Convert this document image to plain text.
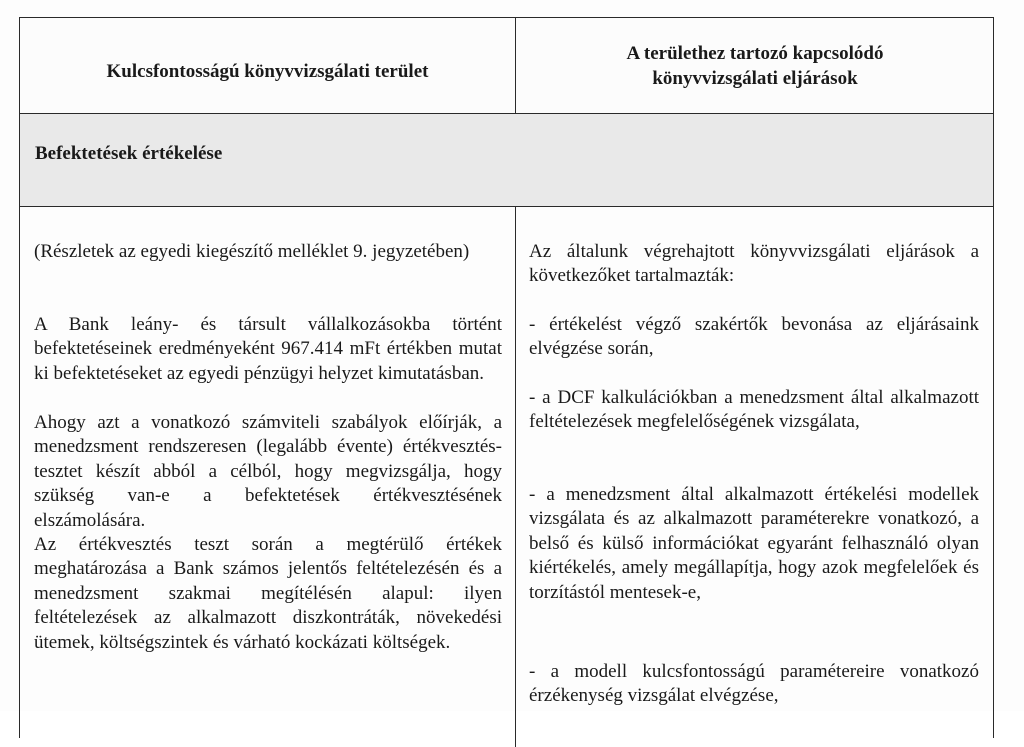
Kulcsfontosságú könyvvizsgálati terület
A területhez tartozó kapcsolódó
könyvvizsgálati eljárások
Befektetések értékelése
(Részletek az egyedi kiegészítő melléklet 9. jegyzetében)
A Bank leány- és társult vállalkozásokba történt befektetéseinek eredményeként 967.414 mFt értékben mutat ki befektetéseket az egyedi pénzügyi helyzet kimutatásban.
Ahogy azt a vonatkozó számviteli szabályok előírják, a menedzsment rendszeresen (legalább évente) értékvesztés-tesztet készít abból a célból, hogy megvizsgálja, hogy szükség van-e a befektetések értékvesztésének elszámolására.
Az értékvesztés teszt során a megtérülő értékek meghatározása a Bank számos jelentős feltételezésén és a menedzsment szakmai megítélésén alapul: ilyen feltételezések az alkalmazott diszkontráták, növekedési ütemek, költségszintek és várható kockázati költségek.
Az általunk végrehajtott könyvvizsgálati eljárások a következőket tartalmazták:
- értékelést végző szakértők bevonása az eljárásaink elvégzése során,
- a DCF kalkulációkban a menedzsment által alkalmazott feltételezések megfelelőségének vizsgálata,
- a menedzsment által alkalmazott értékelési modellek vizsgálata és az alkalmazott paraméterekre vonatkozó, a belső és külső információkat egyaránt felhasználó olyan kiértékelés, amely megállapítja, hogy azok megfelelőek és torzítástól mentesek-e,
- a modell kulcsfontosságú paramétereire vonatkozó érzékenység vizsgálat elvégzése,
